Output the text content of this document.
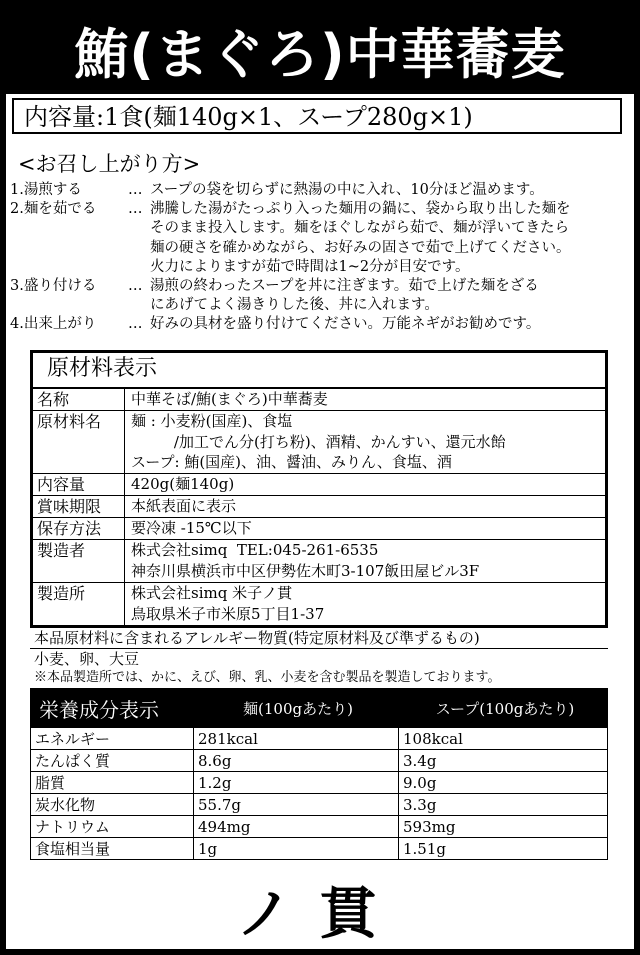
鮪(まぐろ)中華蕎麦
内容量:1食(麺140g×1、スープ280g×1)
<お召し上がり方>
1.湯煎する	… スープの袋を切らずに熱湯の中に入れ、10分ほど温めます。
2.麺を茹でる	… 沸騰した湯がたっぷり入った麺用の鍋に、袋から取り出した麺を
そのまま投入します。麺をほぐしながら茹で、麺が浮いてきたら
麺の硬さを確かめながら、お好みの固さで茹で上げてください。
火力によりますが茹で時間は1~2分が目安です。
3.盛り付ける	… 湯煎の終わったスープを丼に注ぎます。茹で上げた麺をざる
にあげてよく湯きりした後、丼に入れます。
4.出来上がり	… 好みの具材を盛り付けてください。万能ネギがお勧めです。
原材料表示
名称	中華そば/鮪(まぐろ)中華蕎麦
原材料名	麺 : 小麦粉(国産)、食塩
/加工でん分(打ち粉)、酒精、かんすい、還元水飴
スープ: 鮪(国産)、油、醤油、みりん、食塩、酒
内容量	420g(麺140g)
賞味期限	本紙表面に表示
保存方法	要冷凍 -15℃以下
製造者	株式会社simq  TEL:045-261-6535
神奈川県横浜市中区伊勢佐木町3-107飯田屋ビル3F
製造所	株式会社simq 米子ノ貫
鳥取県米子市米原5丁目1-37
本品原材料に含まれるアレルギー物質(特定原材料及び準ずるもの)
小麦、卵、大豆
※本品製造所では、かに、えび、卵、乳、小麦を含む製品を製造しております。
栄養成分表示	麺(100gあたり)	スープ(100gあたり)
エネルギー	281kcal	108kcal
たんぱく質	8.6g	3.4g
脂質	1.2g	9.0g
炭水化物	55.7g	3.3g
ナトリウム	494mg	593mg
食塩相当量	1g	1.51g
ノ貫
